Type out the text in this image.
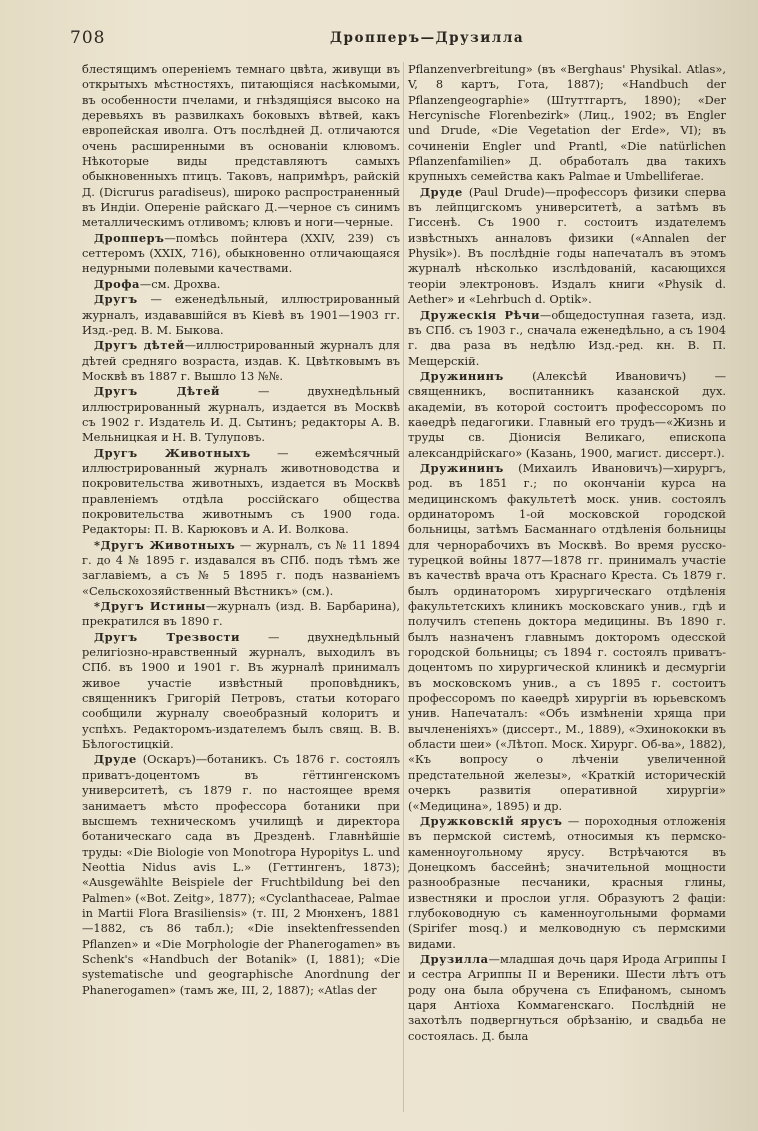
708	Дропперъ—Друзилла

блестящимъ опереніемъ темнаго цвѣта, живущи въ открытыхъ мѣстностяхъ, питающіяся насѣкомыми, въ особенности пчелами, и гнѣздящіяся высоко на деревьяхъ въ развилкахъ боковыхъ вѣтвей, какъ европейская иволга. Отъ послѣдней Д. отличаются очень расширенными въ основаніи клювомъ. Нѣкоторые виды представляютъ самыхъ обыкновенныхъ птицъ. Таковъ, напримѣръ, райскій Д. (Dicrurus paradiseus), широко распространенный въ Индіи. Опереніе райскаго Д.—черное съ синимъ металлическимъ отливомъ; клювъ и ноги—черные.

Дропперъ—помѣсь пойнтера (XXIV, 239) съ сеттеромъ (XXIX, 716), обыкновенно отличающаяся недурными полевыми качествами.

Дрофа—см. Дрохва.

Другъ — еженедѣльный, иллюстрированный журналъ, издававшійся въ Кіевѣ въ 1901—1903 гг. Изд.-ред. В. М. Быкова.

Другъ дѣтей—иллюстрированный журналъ для дѣтей средняго возраста, издав. К. Цвѣтковымъ въ Москвѣ въ 1887 г. Вышло 13 №№.

Другъ Дѣтей — двухнедѣльный иллюстрированный журналъ, издается въ Москвѣ съ 1902 г. Издатель И. Д. Сытинъ; редакторы А. В. Мельницкая и Н. В. Тулуповъ.

Другъ Животныхъ — ежемѣсячный иллюстрированный журналъ животноводства и покровительства животныхъ, издается въ Москвѣ правленіемъ отдѣла россійскаго общества покровительства животнымъ съ 1900 года. Редакторы: П. В. Карюковъ и А. И. Волкова.

*Другъ Животныхъ — журналъ, съ № 11 1894 г. до 4 № 1895 г. издавался въ СПб. подъ тѣмъ же заглавіемъ, а съ № 5 1895 г. подъ названіемъ «Сельскохозяйственный Вѣстникъ» (см.).

*Другъ Истины—журналъ (изд. В. Барбарина), прекратился въ 1890 г.

Другъ Трезвости — двухнедѣльный религіозно-нравственный журналъ, выходилъ въ СПб. въ 1900 и 1901 г. Въ журналѣ принималъ живое участіе извѣстный проповѣдникъ, священникъ Григорій Петровъ, статьи котораго сообщили журналу своеобразный колоритъ и успѣхъ. Редакторомъ-издателемъ былъ свящ. В. В. Бѣлогостицкій.

Друде (Оскаръ)—ботаникъ. Съ 1876 г. состоялъ приватъ-доцентомъ въ гёттингенскомъ университетѣ, съ 1879 г. по настоящее время занимаетъ мѣсто профессора ботаники при высшемъ техническомъ училищѣ и директора ботаническаго сада въ Дрезденѣ. Главнѣйшіе труды: «Die Biologie von Monotropa Hypopitys L. und Neottia Nidus avis L.» (Геттингенъ, 1873); «Ausgewählte Beispiele der Fruchtbildung bei den Palmen» («Bot. Zeitg», 1877); «Cyclanthaceae, Palmae in Martii Flora Brasiliensis» (т. III, 2 Мюнхенъ, 1881—1882, съ 86 табл.); «Die insektenfressenden Pflanzen» и «Die Morphologie der Phanerogamen» въ Schenk's «Handbuch der Botanik» (I, 1881); «Die systematische und geographische Anordnung der Phanerogamen» (тамъ же, III, 2, 1887); «Atlas der

Pflanzenverbreitung» (въ «Berghaus' Physikal. Atlas», V, 8 картъ, Гота, 1887); «Handbuch der Pflanzengeographie» (Штуттгартъ, 1890); «Der Hercynische Florenbezirk» (Лиц., 1902; въ Engler und Drude, «Die Vegetation der Erde», VI); въ сочиненіи Engler und Prantl, «Die natürlichen Pflanzenfamilien» Д. обработалъ два такихъ крупныхъ семейства какъ Palmae и Umbelliferae.

Друде (Paul Drude)—профессоръ физики сперва въ лейпцигскомъ университетѣ, а затѣмъ въ Гиссенѣ. Съ 1900 г. состоитъ издателемъ извѣстныхъ анналовъ физики («Annalen der Physik»). Въ послѣдніе годы напечаталъ въ этомъ журналѣ нѣсколько изслѣдованій, касающихся теоріи электроновъ. Издалъ книги «Physik d. Aether» и «Lehrbuch d. Optik».

Дружескія Рѣчи—общедоступная газета, изд. въ СПб. съ 1903 г., сначала еженедѣльно, а съ 1904 г. два раза въ недѣлю Изд.-ред. кн. В. П. Мещерскій.

Дружининъ (Алексѣй Ивановичъ) — священникъ, воспитанникъ казанской дух. академіи, въ которой состоитъ профессоромъ по каѳедрѣ педагогики. Главный его трудъ—«Жизнь и труды св. Діонисія Великаго, епископа александрійскаго» (Казань, 1900, магист. диссерт.).

Дружининъ (Михаилъ Ивановичъ)—хирургъ, род. въ 1851 г.; по окончаніи курса на медицинскомъ факультетѣ моск. унив. состоялъ ординаторомъ 1-ой московской городской больницы, затѣмъ Басманнаго отдѣленія больницы для чернорабочихъ въ Москвѣ. Во время русско-турецкой войны 1877—1878 гг. принималъ участіе въ качествѣ врача отъ Краснаго Креста. Съ 1879 г. былъ ординаторомъ хирургическаго отдѣленія факультетскихъ клиникъ московскаго унив., гдѣ и получилъ степень доктора медицины. Въ 1890 г. былъ назначенъ главнымъ докторомъ одесской городской больницы; съ 1894 г. состоялъ приватъ-доцентомъ по хирургической клиникѣ и десмургіи въ московскомъ унив., а съ 1895 г. состоитъ профессоромъ по каѳедрѣ хирургіи въ юрьевскомъ унив. Напечаталъ: «Объ измѣненіи хряща при вычлененіяхъ» (диссерт., М., 1889), «Эхинококки въ области шеи» («Лѣтоп. Моск. Хирург. Об-ва», 1882), «Къ вопросу о лѣченіи увеличенной предстательной железы», «Краткій историческій очеркъ развитія оперативной хирургіи» («Медицина», 1895) и др.

Дружковскій ярусъ — пороходныя отложенія въ пермской системѣ, относимыя къ пермско-каменноугольному ярусу. Встрѣчаются въ Донецкомъ бассейнѣ; значительной мощности разнообразные песчаники, красныя глины, известняки и прослои угля. Образуютъ 2 фаціи: глубоководную съ каменноугольными формами (Spirifer mosq.) и мелководную съ пермскими видами.

Друзилла—младшая дочь царя Ирода Агриппы I и сестра Агриппы II и Вереники. Шести лѣтъ отъ роду она была обручена съ Епифаномъ, сыномъ царя Антіоха Коммагенскаго. Послѣдній не захотѣлъ подвергнуться обрѣзанію, и свадьба не состоялась. Д. была
